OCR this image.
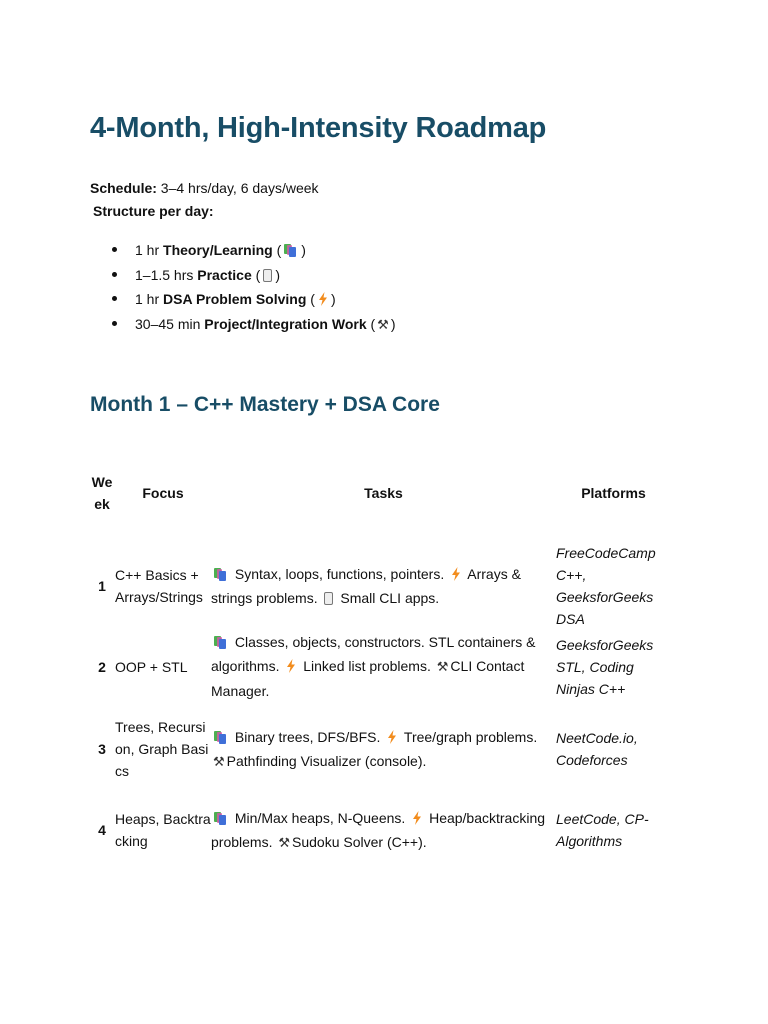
4-Month, High-Intensity Roadmap
Schedule: 3–4 hrs/day, 6 days/week
Structure per day:
1 hr Theory/Learning ( )
1–1.5 hrs Practice ( )
1 hr DSA Problem Solving ( )
30–45 min Project/Integration Work ( ⚒ )
Month 1 – C++ Mastery + DSA Core
Week	Focus	Tasks	Platforms
1	C++ Basics + Arrays/Strings	Syntax, loops, functions, pointers. Arrays & strings problems. Small CLI apps.	FreeCodeCamp C++, GeeksforGeeks DSA
2	OOP + STL	Classes, objects, constructors. STL containers & algorithms. Linked list problems. ⚒ CLI Contact Manager.	GeeksforGeeks STL, Coding Ninjas C++
3	Trees, Recursion, Graph Basics	Binary trees, DFS/BFS. Tree/graph problems. ⚒ Pathfinding Visualizer (console).	NeetCode.io, Codeforces
4	Heaps, Backtracking	Min/Max heaps, N-Queens. Heap/backtracking problems. ⚒ Sudoku Solver (C++).	LeetCode, CP-Algorithms
